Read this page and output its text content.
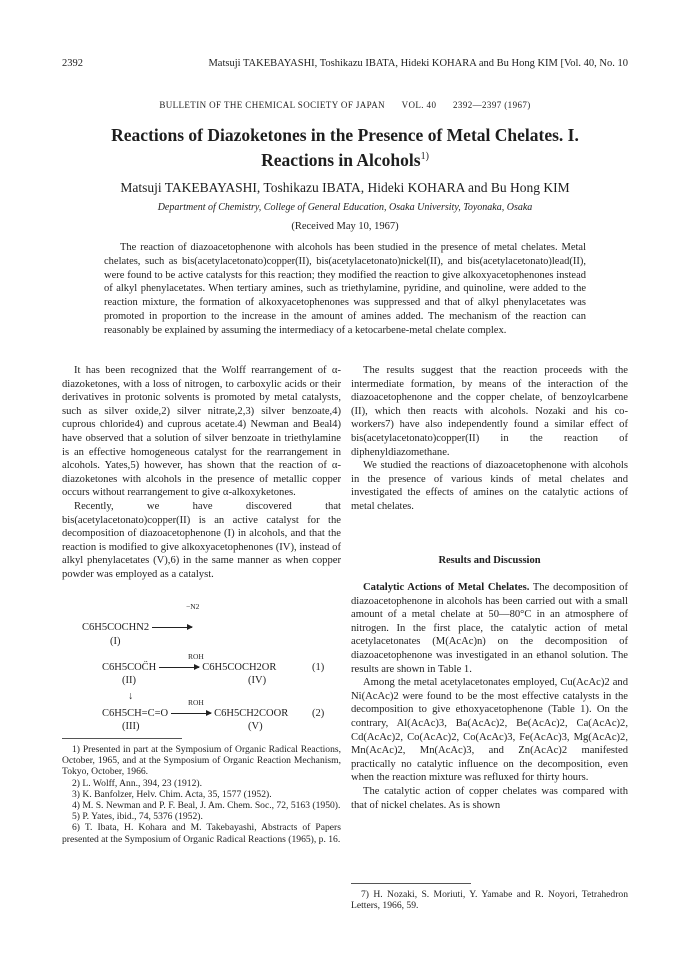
2392	Matsuji TAKEBAYASHI, Toshikazu IBATA, Hideki KOHARA and Bu Hong KIM [Vol. 40, No. 10
BULLETIN OF THE CHEMICAL SOCIETY OF JAPAN VOL. 40 2392—2397 (1967)
Reactions of Diazoketones in the Presence of Metal Chelates. I.
Reactions in Alcohols$^{1)}$
Matsuji TAKEBAYASHI, Toshikazu IBATA, Hideki KOHARA and Bu Hong KIM
Department of Chemistry, College of General Education, Osaka University, Toyonaka, Osaka
(Received May 10, 1967)
The reaction of diazoacetophenone with alcohols has been studied in the presence of metal chelates. Metal chelates, such as bis(acetylacetonato)copper(II), bis(acetylacetonato)nickel(II), and bis(acetylacetonato)lead(II), were found to be active catalysts for this reaction; they modified the reaction to give alkoxyacetophenones instead of alkyl phenylacetates. When tertiary amines, such as triethylamine, pyridine, and quinoline, were added to the reaction mixture, the formation of alkoxyacetophenones was suppressed and that of alkyl phenylacetates was promoted in proportion to the increase in the amount of amines added. The mechanism of the reaction can reasonably be explained by assuming the intermediacy of a ketocarbene-metal chelate complex.

It has been recognized that the Wolff rearrangement of α-diazoketones, with a loss of nitrogen, to carboxylic acids or their derivatives in protonic solvents is promoted by metal catalysts, such as silver oxide,2) silver nitrate,2,3) silver benzoate,4) cuprous chloride4) and cuprous acetate.4) Newman and Beal4) have observed that a solution of silver benzoate in triethylamine is an effective homogeneous catalyst for the rearrangement in alcohols. Yates,5) however, has shown that the reaction of α-diazoketones with alcohols in the presence of metallic copper occurs without rearrangement to give α-alkoxyketones.

Recently, we have discovered that bis(acetylacetonato)copper(II) is an active catalyst for the decomposition of diazoacetophenone (I) in alcohols, and that the reaction is modified to give alkoxyacetophenones (IV), instead of alkyl phenylacetates (V),6) in the same manner as when copper powder was employed as a catalyst.

−N2
C6H5COCHN2 →
(I)
ROH
C6H5COC̈H → C6H5COCH2OR	(1)
(II)	(IV)
↓
ROH
C6H5CH=C=O → C6H5CH2COOR (2)
(III)	(V)
1) Presented in part at the Symposium of Organic Radical Reactions, October, 1965, and at the Symposium of Organic Reaction Mechanism, Tokyo, October, 1966.
2) L. Wolff, Ann., 394, 23 (1912).
3) K. Banfolzer, Helv. Chim. Acta, 35, 1577 (1952).
4) M. S. Newman and P. F. Beal, J. Am. Chem. Soc., 72, 5163 (1950).
5) P. Yates, ibid., 74, 5376 (1952).
6) T. Ibata, H. Kohara and M. Takebayashi, Abstracts of Papers presented at the Symposium of Organic Radical Reactions (1965), p. 16.

The results suggest that the reaction proceeds with the intermediate formation, by means of the interaction of the diazoacetophenone and the copper chelate, of benzoylcarbene (II), which then reacts with alcohols. Nozaki and his co-workers7) have also independently found a similar effect of bis(acetylacetonato)copper(II) in the reaction of diphenyldiazomethane.

We studied the reactions of diazoacetophenone with alcohols in the presence of various kinds of metal chelates and investigated the effects of amines on the catalytic actions of metal chelates.

Results and Discussion

Catalytic Actions of Metal Chelates. The decomposition of diazoacetophenone in alcohols has been carried out with a small amount of a metal chelate at 50—80°C in an atmosphere of nitrogen. In the first place, the catalytic action of metal acetylacetonates (M(AcAc)n) on the decomposition of diazoacetophenone was investigated in an ethanol solution. The results are shown in Table 1.

Among the metal acetylacetonates employed, Cu(AcAc)2 and Ni(AcAc)2 were found to be the most effective catalysts in the decomposition to give ethoxyacetophenone (Table 1). On the contrary, Al(AcAc)3, Ba(AcAc)2, Be(AcAc)2, Ca(AcAc)2, Cd(AcAc)2, Co(AcAc)2, Co(AcAc)3, Fe(AcAc)3, Mg(AcAc)2, Mn(AcAc)2, Mn(AcAc)3, and Zn(AcAc)2 manifested practically no catalytic influence on the decomposition, even when the reaction mixture was refluxed for thirty hours.

The catalytic action of copper chelates was compared with that of nickel chelates. As is shown

7) H. Nozaki, S. Moriuti, Y. Yamabe and R. Noyori, Tetrahedron Letters, 1966, 59.
